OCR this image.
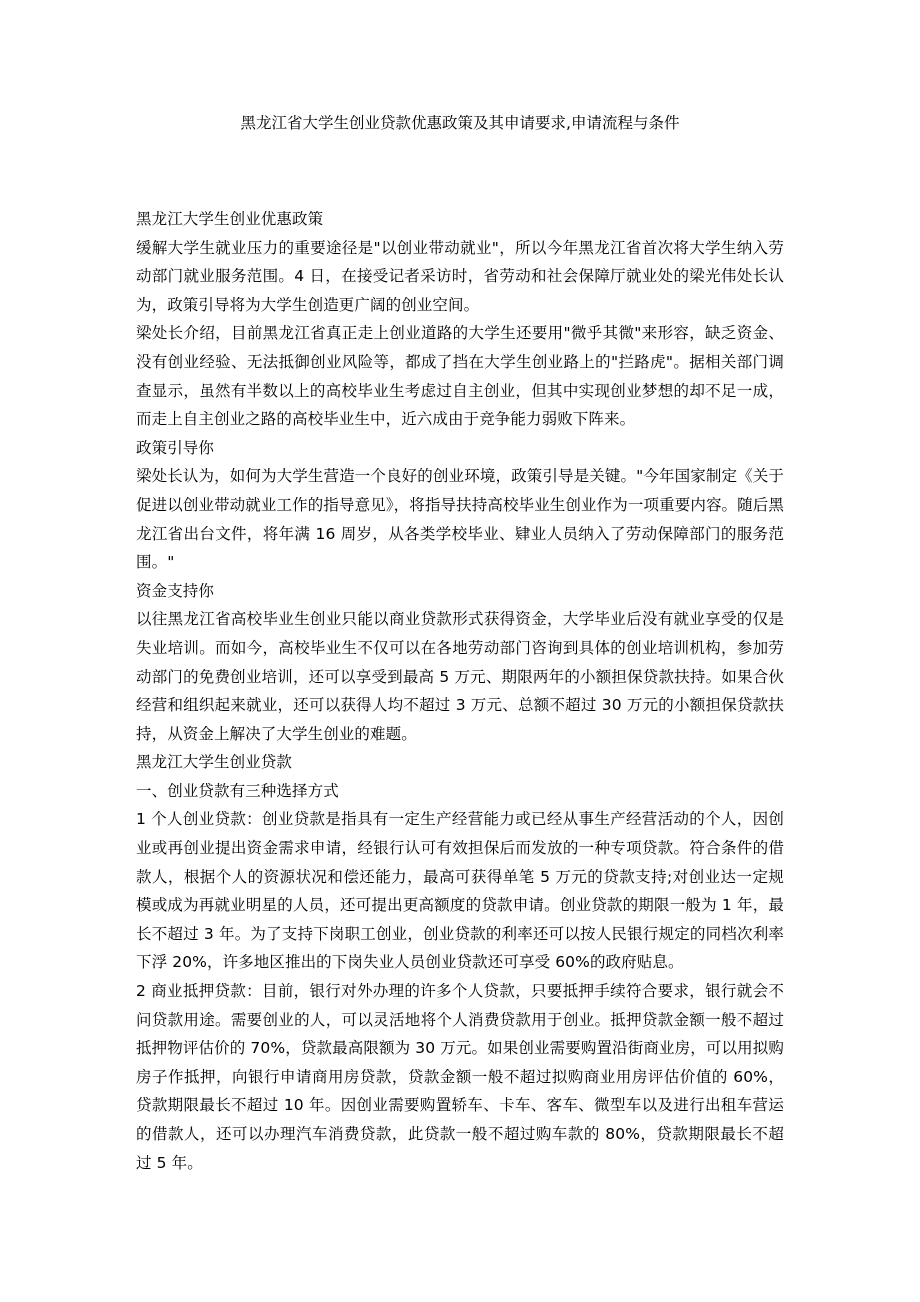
黑龙江省大学生创业贷款优惠政策及其申请要求,申请流程与条件

黑龙江大学生创业优惠政策

缓解大学生就业压力的重要途径是"以创业带动就业"，所以今年黑龙江省首次将大学生纳入劳动部门就业服务范围。4 日，在接受记者采访时，省劳动和社会保障厅就业处的梁光伟处长认为，政策引导将为大学生创造更广阔的创业空间。

梁处长介绍，目前黑龙江省真正走上创业道路的大学生还要用"微乎其微"来形容，缺乏资金、没有创业经验、无法抵御创业风险等，都成了挡在大学生创业路上的"拦路虎"。据相关部门调查显示，虽然有半数以上的高校毕业生考虑过自主创业，但其中实现创业梦想的却不足一成，而走上自主创业之路的高校毕业生中，近六成由于竞争能力弱败下阵来。

政策引导你

梁处长认为，如何为大学生营造一个良好的创业环境，政策引导是关键。"今年国家制定《关于促进以创业带动就业工作的指导意见》，将指导扶持高校毕业生创业作为一项重要内容。随后黑龙江省出台文件，将年满 16 周岁，从各类学校毕业、肄业人员纳入了劳动保障部门的服务范围。"

资金支持你

以往黑龙江省高校毕业生创业只能以商业贷款形式获得资金，大学毕业后没有就业享受的仅是失业培训。而如今，高校毕业生不仅可以在各地劳动部门咨询到具体的创业培训机构，参加劳动部门的免费创业培训，还可以享受到最高 5 万元、期限两年的小额担保贷款扶持。如果合伙经营和组织起来就业，还可以获得人均不超过 3 万元、总额不超过 30 万元的小额担保贷款扶持，从资金上解决了大学生创业的难题。

黑龙江大学生创业贷款

一、创业贷款有三种选择方式

1 个人创业贷款：创业贷款是指具有一定生产经营能力或已经从事生产经营活动的个人，因创业或再创业提出资金需求申请，经银行认可有效担保后而发放的一种专项贷款。符合条件的借款人，根据个人的资源状况和偿还能力，最高可获得单笔 5 万元的贷款支持;对创业达一定规模或成为再就业明星的人员，还可提出更高额度的贷款申请。创业贷款的期限一般为 1 年，最长不超过 3 年。为了支持下岗职工创业，创业贷款的利率还可以按人民银行规定的同档次利率下浮 20%，许多地区推出的下岗失业人员创业贷款还可享受 60%的政府贴息。

2 商业抵押贷款：目前，银行对外办理的许多个人贷款，只要抵押手续符合要求，银行就会不问贷款用途。需要创业的人，可以灵活地将个人消费贷款用于创业。抵押贷款金额一般不超过抵押物评估价的 70%，贷款最高限额为 30 万元。如果创业需要购置沿街商业房，可以用拟购房子作抵押，向银行申请商用房贷款，贷款金额一般不超过拟购商业用房评估价值的 60%，贷款期限最长不超过 10 年。因创业需要购置轿车、卡车、客车、微型车以及进行出租车营运的借款人，还可以办理汽车消费贷款，此贷款一般不超过购车款的 80%，贷款期限最长不超过 5 年。
